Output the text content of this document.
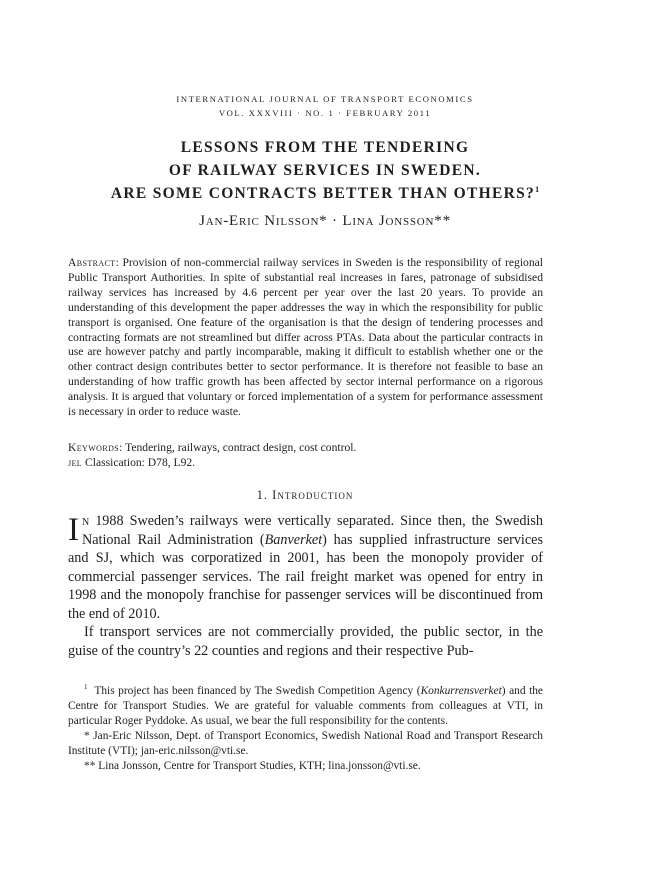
INTERNATIONAL JOURNAL OF TRANSPORT ECONOMICS
VOL. XXXVIII · NO. 1 · FEBRUARY 2011
LESSONS FROM THE TENDERING
OF RAILWAY SERVICES IN SWEDEN.
ARE SOME CONTRACTS BETTER THAN OTHERS?$^1$
Jan-Eric Nilsson* · Lina Jonsson**
Abstract: Provision of non-commercial railway services in Sweden is the responsibility of regional Public Transport Authorities. In spite of substantial real increases in fares, patronage of subsidised railway services has increased by 4.6 percent per year over the last 20 years. To provide an understanding of this development the paper addresses the way in which the responsibility for public transport is organised. One feature of the organisation is that the design of tendering processes and contracting formats are not streamlined but differ across PTAs. Data about the particular contracts in use are however patchy and partly incomparable, making it difficult to establish whether one or the other contract design contributes better to sector performance. It is therefore not feasible to base an understanding of how traffic growth has been affected by sector internal performance on a rigorous analysis. It is argued that voluntary or forced implementation of a system for performance assessment is necessary in order to reduce waste.
Keywords: Tendering, railways, contract design, cost control.
jel Classication: D78, L92.
1. Introduction

In 1988 Sweden’s railways were vertically separated. Since then, the Swedish National Rail Administration (Banverket) has supplied infrastructure services and SJ, which was corporatized in 2001, has been the monopoly provider of commercial passenger services. The rail freight market was opened for entry in 1998 and the monopoly franchise for passenger services will be discontinued from the end of 2010.

If transport services are not commercially provided, the public sector, in the guise of the country’s 22 counties and regions and their respective Pub-

$^1$ This project has been financed by The Swedish Competition Agency (Konkurrensverket) and the Centre for Transport Studies. We are grateful for valuable comments from colleagues at VTI, in particular Roger Pyddoke. As usual, we bear the full responsibility for the contents.

* Jan-Eric Nilsson, Dept. of Transport Economics, Swedish National Road and Transport Research Institute (VTI); jan-eric.nilsson@vti.se.

** Lina Jonsson, Centre for Transport Studies, KTH; lina.jonsson@vti.se.
